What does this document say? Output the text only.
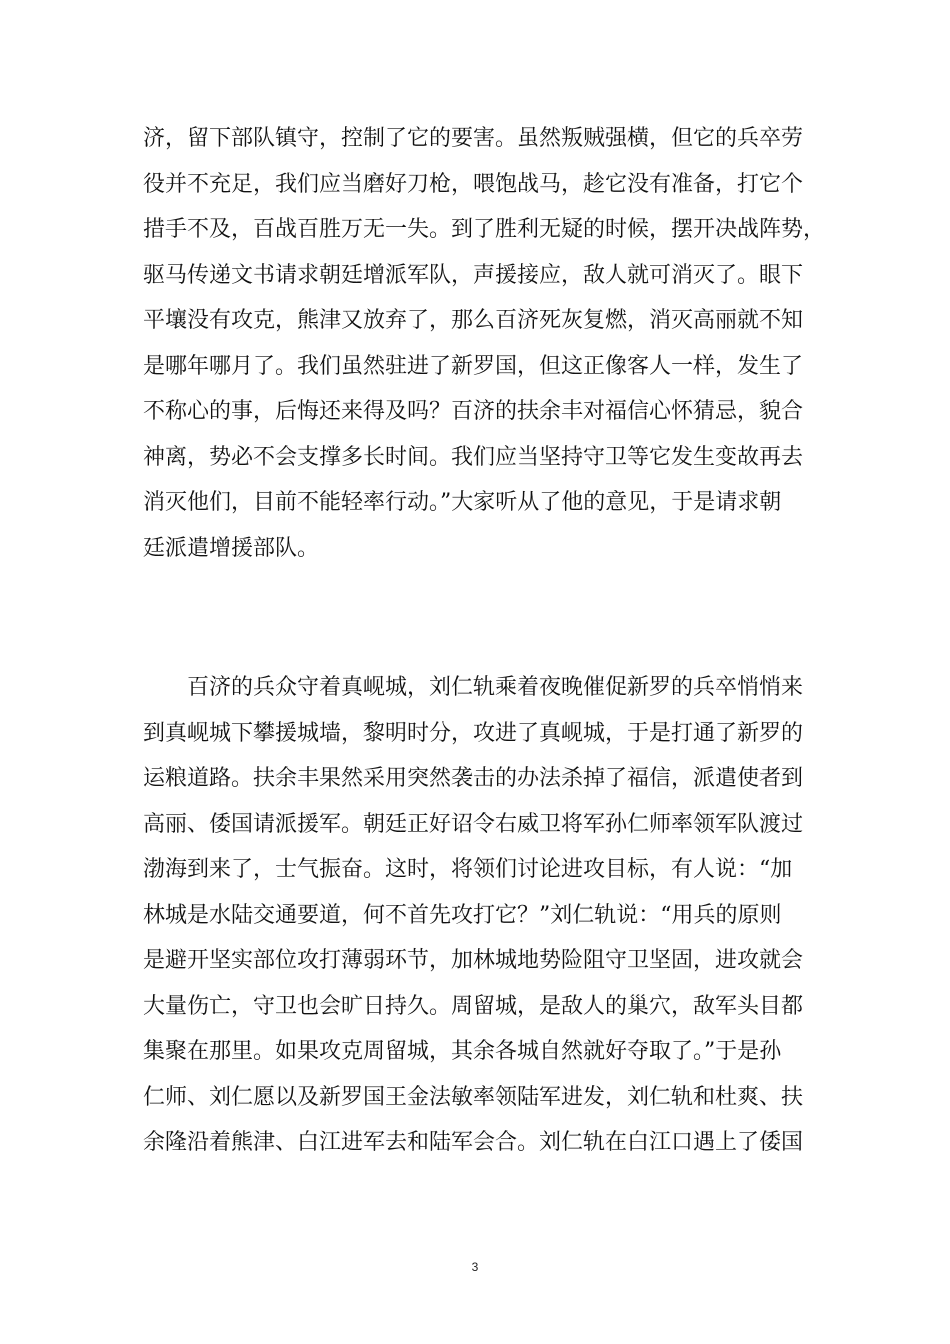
济，留下部队镇守，控制了它的要害。虽然叛贼强横，但它的兵卒劳
役并不充足，我们应当磨好刀枪，喂饱战马，趁它没有准备，打它个
措手不及，百战百胜万无一失。到了胜利无疑的时候，摆开决战阵势，
驱马传递文书请求朝廷增派军队，声援接应，敌人就可消灭了。眼下
平壤没有攻克，熊津又放弃了，那么百济死灰复燃，消灭高丽就不知
是哪年哪月了。我们虽然驻进了新罗国，但这正像客人一样，发生了
不称心的事，后悔还来得及吗？百济的扶余丰对福信心怀猜忌，貌合
神离，势必不会支撑多长时间。我们应当坚持守卫等它发生变故再去
消灭他们，目前不能轻率行动。”大家听从了他的意见，于是请求朝
廷派遣增援部队。
百济的兵众守着真岘城，刘仁轨乘着夜晚催促新罗的兵卒悄悄来
到真岘城下攀援城墙，黎明时分，攻进了真岘城，于是打通了新罗的
运粮道路。扶余丰果然采用突然袭击的办法杀掉了福信，派遣使者到
高丽、倭国请派援军。朝廷正好诏令右威卫将军孙仁师率领军队渡过
渤海到来了，士气振奋。这时，将领们讨论进攻目标，有人说：“加
林城是水陆交通要道，何不首先攻打它？”刘仁轨说：“用兵的原则
是避开坚实部位攻打薄弱环节，加林城地势险阻守卫坚固，进攻就会
大量伤亡，守卫也会旷日持久。周留城，是敌人的巢穴，敌军头目都
集聚在那里。如果攻克周留城，其余各城自然就好夺取了。”于是孙
仁师、刘仁愿以及新罗国王金法敏率领陆军进发，刘仁轨和杜爽、扶
余隆沿着熊津、白江进军去和陆军会合。刘仁轨在白江口遇上了倭国
3
